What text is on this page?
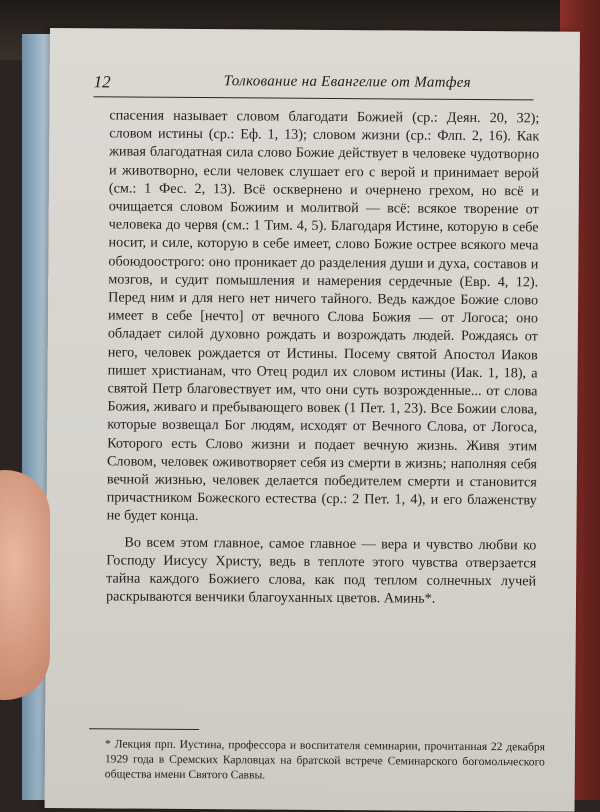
12	Толкование на Евангелие от Матфея

спасения называет словом благодати Божией (ср.: Деян. 20, 32); словом истины (ср.: Еф. 1, 13); словом жизни (ср.: Флп. 2, 16). Как живая благодатная сила слово Божие действует в человеке чудотворно и животворно, если человек слушает его с верой и принимает верой (см.: 1 Фес. 2, 13). Всё осквернено и очернено грехом, но всё и очищается словом Божиим и молитвой — всё: всякое творение от человека до червя (см.: 1 Тим. 4, 5). Благодаря Истине, которую в себе носит, и силе, которую в себе имеет, слово Божие острее всякого меча обоюдоострого: оно проникает до разделения души и духа, составов и мозгов, и судит помышления и намерения сердечные (Евр. 4, 12). Перед ним и для него нет ничего тайного. Ведь каждое Божие слово имеет в себе [нечто] от вечного Слова Божия — от Логоса; оно обладает силой духовно рождать и возрождать людей. Рождаясь от него, человек рождается от Истины. Посему святой Апостол Иаков пишет христианам, что Отец родил их словом истины (Иак. 1, 18), а святой Петр благовествует им, что они суть возрожденные... от слова Божия, живаго и пребывающего вовек (1 Пет. 1, 23). Все Божии слова, которые возвещал Бог людям, исходят от Вечного Слова, от Логоса, Которого есть Слово жизни и подает вечную жизнь. Живя этим Словом, человек оживотворяет себя из смерти в жизнь; наполняя себя вечной жизнью, человек делается победителем смерти и становится причастником Божеского естества (ср.: 2 Пет. 1, 4), и его блаженству не будет конца.

Во всем этом главное, самое главное — вера и чувство любви ко Господу Иисусу Христу, ведь в теплоте этого чувства отверзается тайна каждого Божиего слова, как под теплом солнечных лучей раскрываются венчики благоуханных цветов. Аминь*.

* Лекция прп. Иустина, профессора и воспитателя семинарии, прочитанная 22 декабря 1929 года в Сремских Карловцах на братской встрече Семинарского богомольческого общества имени Святого Саввы.
